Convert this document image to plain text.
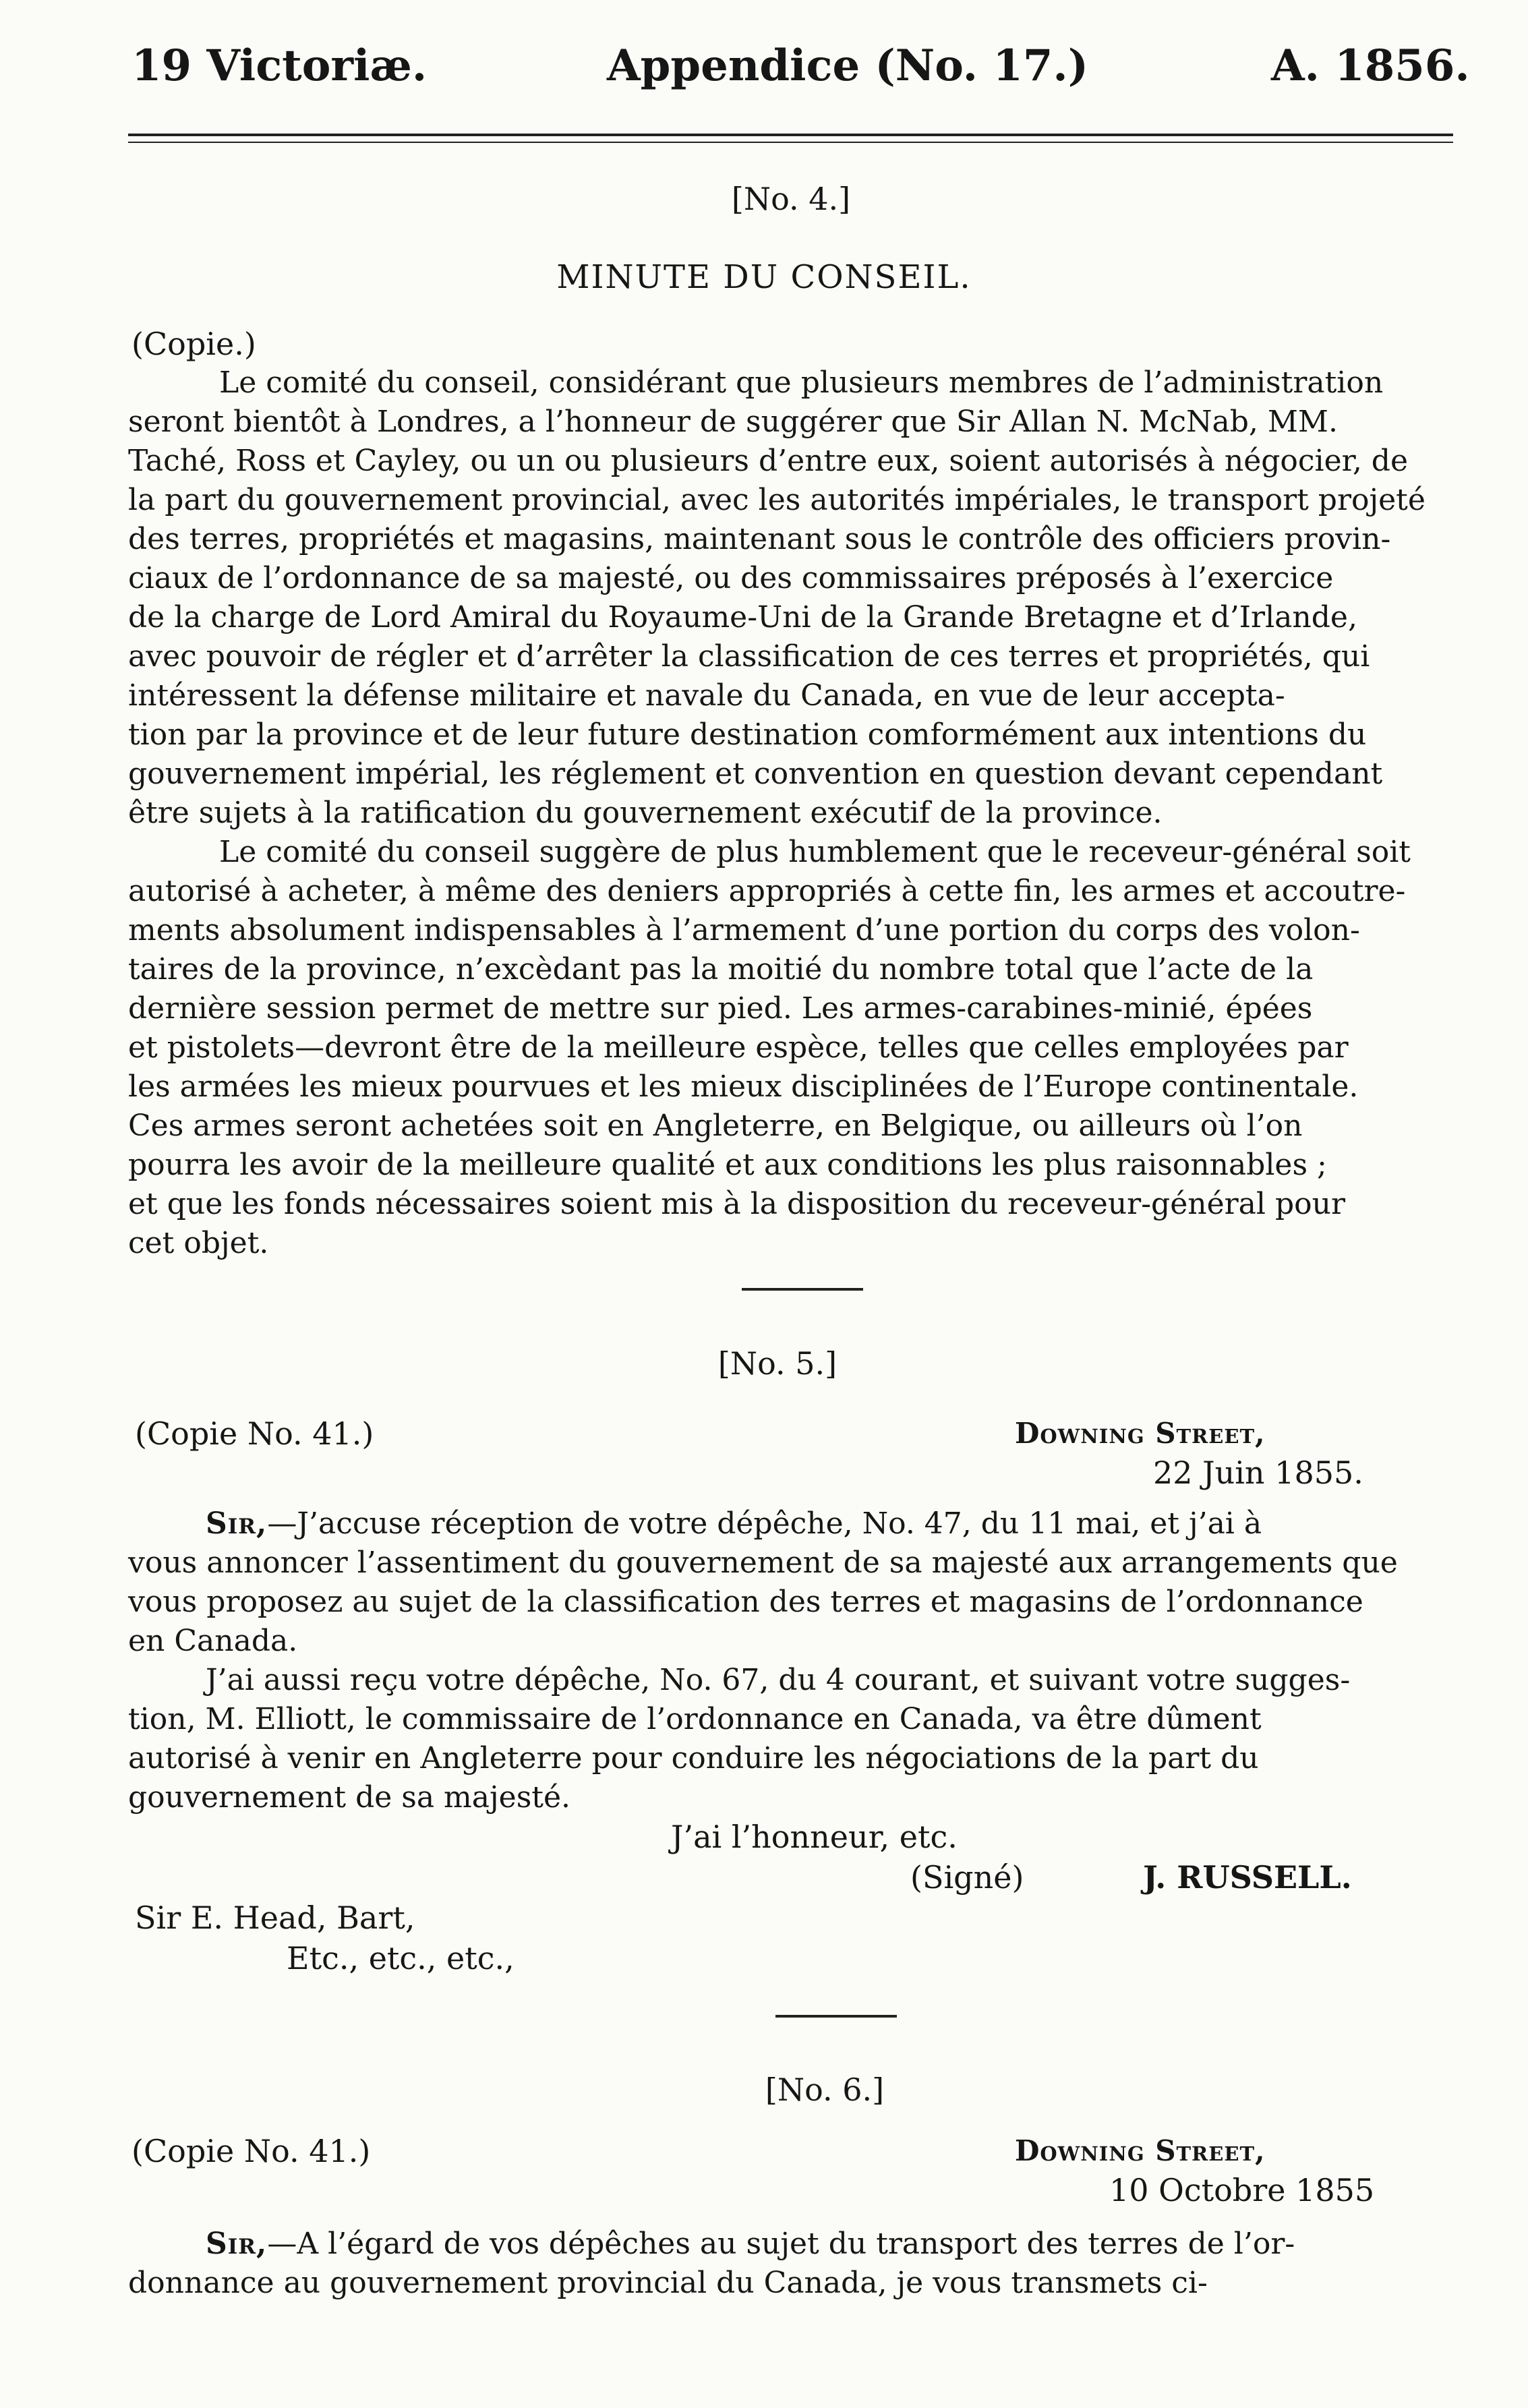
19 Victoriæ.	Appendice (No. 17.)	A. 1856.
[No. 4.]
MINUTE DU CONSEIL.
(Copie.)
Le comité du conseil, considérant que plusieurs membres de l’administration
seront bientôt à Londres, a l’honneur de suggérer que Sir Allan N. McNab, MM.
Taché, Ross et Cayley, ou un ou plusieurs d’entre eux, soient autorisés à négocier, de
la part du gouvernement provincial, avec les autorités impériales, le transport projeté
des terres, propriétés et magasins, maintenant sous le contrôle des officiers provin-
ciaux de l’ordonnance de sa majesté, ou des commissaires préposés à l’exercice
de la charge de Lord Amiral du Royaume-Uni de la Grande Bretagne et d’Irlande,
avec pouvoir de régler et d’arrêter la classification de ces terres et propriétés, qui
intéressent la défense militaire et navale du Canada, en vue de leur accepta-
tion par la province et de leur future destination comformément aux intentions du
gouvernement impérial, les réglement et convention en question devant cependant
être sujets à la ratification du gouvernement exécutif de la province.
Le comité du conseil suggère de plus humblement que le receveur-général soit
autorisé à acheter, à même des deniers appropriés à cette fin, les armes et accoutre-
ments absolument indispensables à l’armement d’une portion du corps des volon-
taires de la province, n’excèdant pas la moitié du nombre total que l’acte de la
dernière session permet de mettre sur pied. Les armes-carabines-minié, épées
et pistolets—devront être de la meilleure espèce, telles que celles employées par
les armées les mieux pourvues et les mieux disciplinées de l’Europe continentale.
Ces armes seront achetées soit en Angleterre, en Belgique, ou ailleurs où l’on
pourra les avoir de la meilleure qualité et aux conditions les plus raisonnables ;
et que les fonds nécessaires soient mis à la disposition du receveur-général pour
cet objet.
[No. 5.]
(Copie No. 41.)	Downing Street,
22 Juin 1855.
Sir,—J’accuse réception de votre dépêche, No. 47, du 11 mai, et j’ai à
vous annoncer l’assentiment du gouvernement de sa majesté aux arrangements que
vous proposez au sujet de la classification des terres et magasins de l’ordonnance
en Canada.
J’ai aussi reçu votre dépêche, No. 67, du 4 courant, et suivant votre sugges-
tion, M. Elliott, le commissaire de l’ordonnance en Canada, va être dûment
autorisé à venir en Angleterre pour conduire les négociations de la part du
gouvernement de sa majesté.
J’ai l’honneur, etc.
(Signé)	J. RUSSELL.
Sir E. Head, Bart,
Etc., etc., etc.,
[No. 6.]
(Copie No. 41.)	Downing Street,
10 Octobre 1855
Sir,—A l’égard de vos dépêches au sujet du transport des terres de l’or-
donnance au gouvernement provincial du Canada, je vous transmets ci-
